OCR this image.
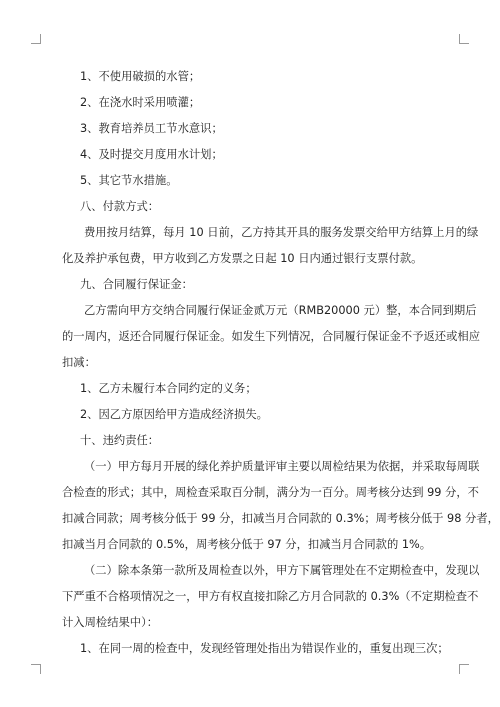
1、不使用破损的水管；
2、在浇水时采用喷灌；
3、教育培养员工节水意识；
4、及时提交月度用水计划；
5、其它节水措施。
八、付款方式：
费用按月结算，每月 10 日前，乙方持其开具的服务发票交给甲方结算上月的绿
化及养护承包费，甲方收到乙方发票之日起 10 日内通过银行支票付款。
九、合同履行保证金：
乙方需向甲方交纳合同履行保证金贰万元（RMB20000 元）整，本合同到期后
的一周内，返还合同履行保证金。如发生下列情况，合同履行保证金不予返还或相应
扣减：
1、乙方未履行本合同约定的义务；
2、因乙方原因给甲方造成经济损失。
十、违约责任：
（一）甲方每月开展的绿化养护质量评审主要以周检结果为依据，并采取每周联
合检查的形式；其中，周检查采取百分制，满分为一百分。周考核分达到 99 分，不
扣减合同款；周考核分低于 99 分，扣减当月合同款的 0.3%；周考核分低于 98 分者，
扣减当月合同款的 0.5%，周考核分低于 97 分，扣减当月合同款的 1%。
（二）除本条第一款所及周检查以外，甲方下属管理处在不定期检查中，发现以
下严重不合格项情况之一，甲方有权直接扣除乙方月合同款的 0.3%（不定期检查不
计入周检结果中）：
1、在同一周的检查中，发现经管理处指出为错误作业的，重复出现三次；
